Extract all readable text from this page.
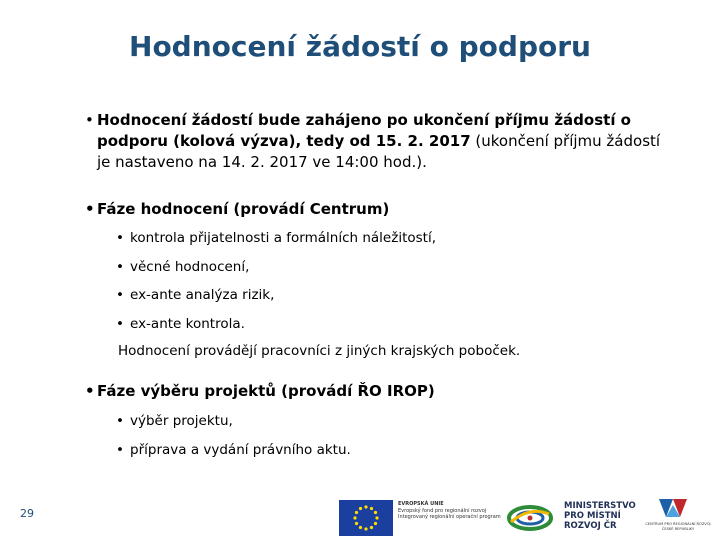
Hodnocení žádostí o podporu
• Hodnocení žádostí bude zahájeno po ukončení příjmu žádostí o podporu (kolová výzva), tedy od 15. 2. 2017 (ukončení příjmu žádostí je nastaveno na 14. 2. 2017 ve 14:00 hod.).
• Fáze hodnocení (provádí Centrum)
• kontrola přijatelnosti a formálních náležitostí,
• věcné hodnocení,
• ex-ante analýza rizik,
• ex-ante kontrola.
Hodnocení provádějí pracovníci z jiných krajských poboček.
• Fáze výběru projektů (provádí ŘO IROP)
• výběr projektu,
• příprava a vydání právního aktu.
29
EVROPSKÁ UNIE
Evropský fond pro regionální rozvoj
Integrovaný regionální operační program
MINISTERSTVO
PRO MÍSTNÍ
ROZVOJ ČR	CENTRUM PRO REGIONÁLNÍ ROZVOJ
ČESKÉ REPUBLIKY
